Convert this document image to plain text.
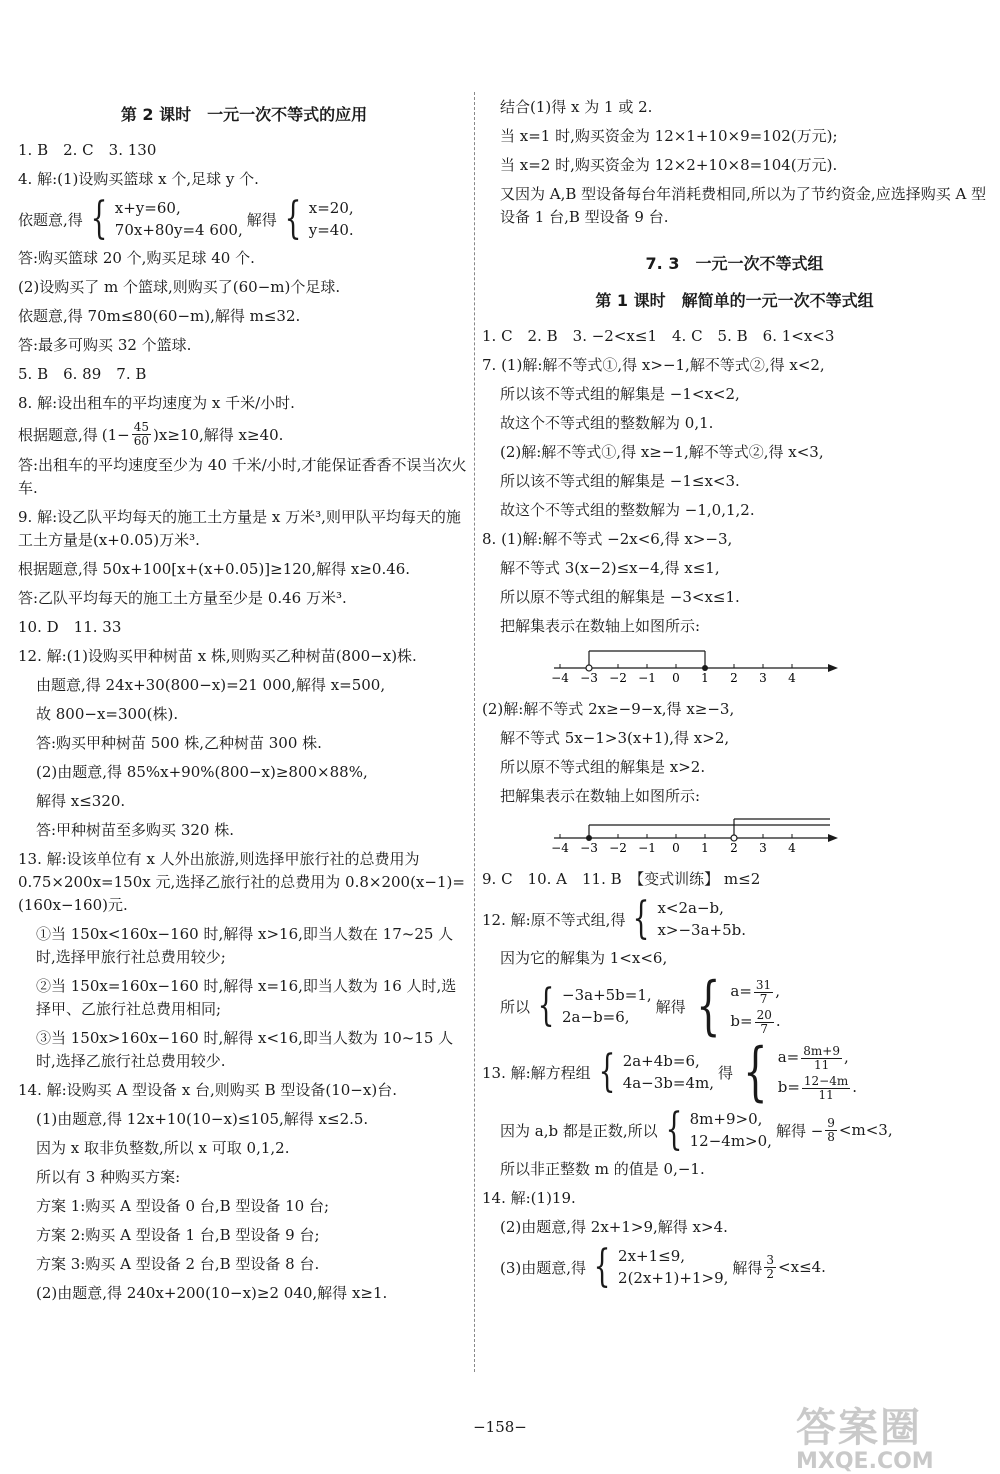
第 2 课时　一元一次不等式的应用
1. B　2. C　3. 130
4. 解:(1)设购买篮球 x 个,足球 y 个.
依题意,得 { x+y=60,
70x+80y=4 600,
解得 { x=20,
y=40.
答:购买篮球 20 个,购买足球 40 个.
(2)设购买了 m 个篮球,则购买了(60−m)个足球.
依题意,得 70m≤80(60−m),解得 m≤32.
答:最多可购买 32 个篮球.
5. B　6. 89　7. B
8. 解:设出租车的平均速度为 x 千米/小时.
根据题意,得 ($1- \frac{45}{60}$ ) x≥10,解得 x≥40.
答:出租车的平均速度至少为 40 千米/小时,才能保证香香不误当次火车.
9. 解:设乙队平均每天的施工土方量是 x 万米³,则甲队平均每天的施工土方量是(x+0.05)万米³.
根据题意,得 50x+100[x+(x+0.05)]≥120,解得 x≥0.46.
答:乙队平均每天的施工土方量至少是 0.46 万米³.
10. D　11. 33
12. 解:(1)设购买甲种树苗 x 株,则购买乙种树苗(800−x)株.
由题意,得 24x+30(800−x)=21 000,解得 x=500,
故 800−x=300(株).
答:购买甲种树苗 500 株,乙种树苗 300 株.
(2)由题意,得 85%x+90%(800−x)≥800×88%,
解得 x≤320.
答:甲种树苗至多购买 320 株.
13. 解:设该单位有 x 人外出旅游,则选择甲旅行社的总费用为 0.75×200x=150x 元,选择乙旅行社的总费用为 0.8×200(x−1)=(160x−160)元.
①当 150x<160x−160 时,解得 x>16,即当人数在 17~25 人时,选择甲旅行社总费用较少;
②当 150x=160x−160 时,解得 x=16,即当人数为 16 人时,选择甲、乙旅行社总费用相同;
③当 150x>160x−160 时,解得 x<16,即当人数为 10~15 人时,选择乙旅行社总费用较少.
14. 解:设购买 A 型设备 x 台,则购买 B 型设备(10−x)台.
(1)由题意,得 12x+10(10−x)≤105,解得 x≤2.5.
因为 x 取非负整数,所以 x 可取 0,1,2.
所以有 3 种购买方案:
方案 1:购买 A 型设备 0 台,B 型设备 10 台;
方案 2:购买 A 型设备 1 台,B 型设备 9 台;
方案 3:购买 A 型设备 2 台,B 型设备 8 台.
(2)由题意,得 240x+200(10−x)≥2 040,解得 x≥1.
结合(1)得 x 为 1 或 2.
当 x=1 时,购买资金为 12×1+10×9=102(万元);
当 x=2 时,购买资金为 12×2+10×8=104(万元).
又因为 A,B 型设备每台年消耗费相同,所以为了节约资金,应选择购买 A 型设备 1 台,B 型设备 9 台.
7. 3　一元一次不等式组
第 1 课时　解简单的一元一次不等式组
1. C　2. B　3. −2<x≤1　4. C　5. B　6. 1<x<3
7. (1)解:解不等式①,得 x>−1,解不等式②,得 x<2,
所以该不等式组的解集是 −1<x<2,
故这个不等式组的整数解为 0,1.
(2)解:解不等式①,得 x≥−1,解不等式②,得 x<3,
所以该不等式组的解集是 −1≤x<3.
故这个不等式组的整数解为 −1,0,1,2.
8. (1)解:解不等式 −2x<6,得 x>−3,
解不等式 3(x−2)≤x−4,得 x≤1,
所以原不等式组的解集是 −3<x≤1.
把解集表示在数轴上如图所示:
−4 −3 −2 −1 0 1 2 3 4
(2)解:解不等式 2x≥−9−x,得 x≥−3,
解不等式 5x−1>3(x+1),得 x>2,
所以原不等式组的解集是 x>2.
把解集表示在数轴上如图所示:
−4 −3 −2 −1 0 1 2 3 4
9. C　10. A　11. B　【变式训练】 m≤2
12. 解:原不等式组,得 { x<2a−b,
x>−3a+5b.
因为它的解集为 1<x<6,
所以 { −3a+5b=1,
2a−b=6,
解得 { $a= \frac{31}{7}$ ,
$b= \frac{20}{7}$ .
13. 解:解方程组 { 2a+4b=6,
4a−3b=4m,
得 { $a= \frac{8m+9}{11}$ ,
$b= \frac{12-4m}{11}$ .
因为 a,b 都是正数,所以 { 8m+9>0,
12−4m>0,
解得 − $\frac{9}{8} <m<3$,
所以非正整数 m 的值是 0,−1.
14. 解:(1)19.
(2)由题意,得 2x+1>9,解得 x>4.
(3)由题意,得 { 2x+1≤9,
2(2x+1)+1>9,
解得 $\frac{3}{2} <x\le 4$.
−158−	答案圈
MXQE.COM
